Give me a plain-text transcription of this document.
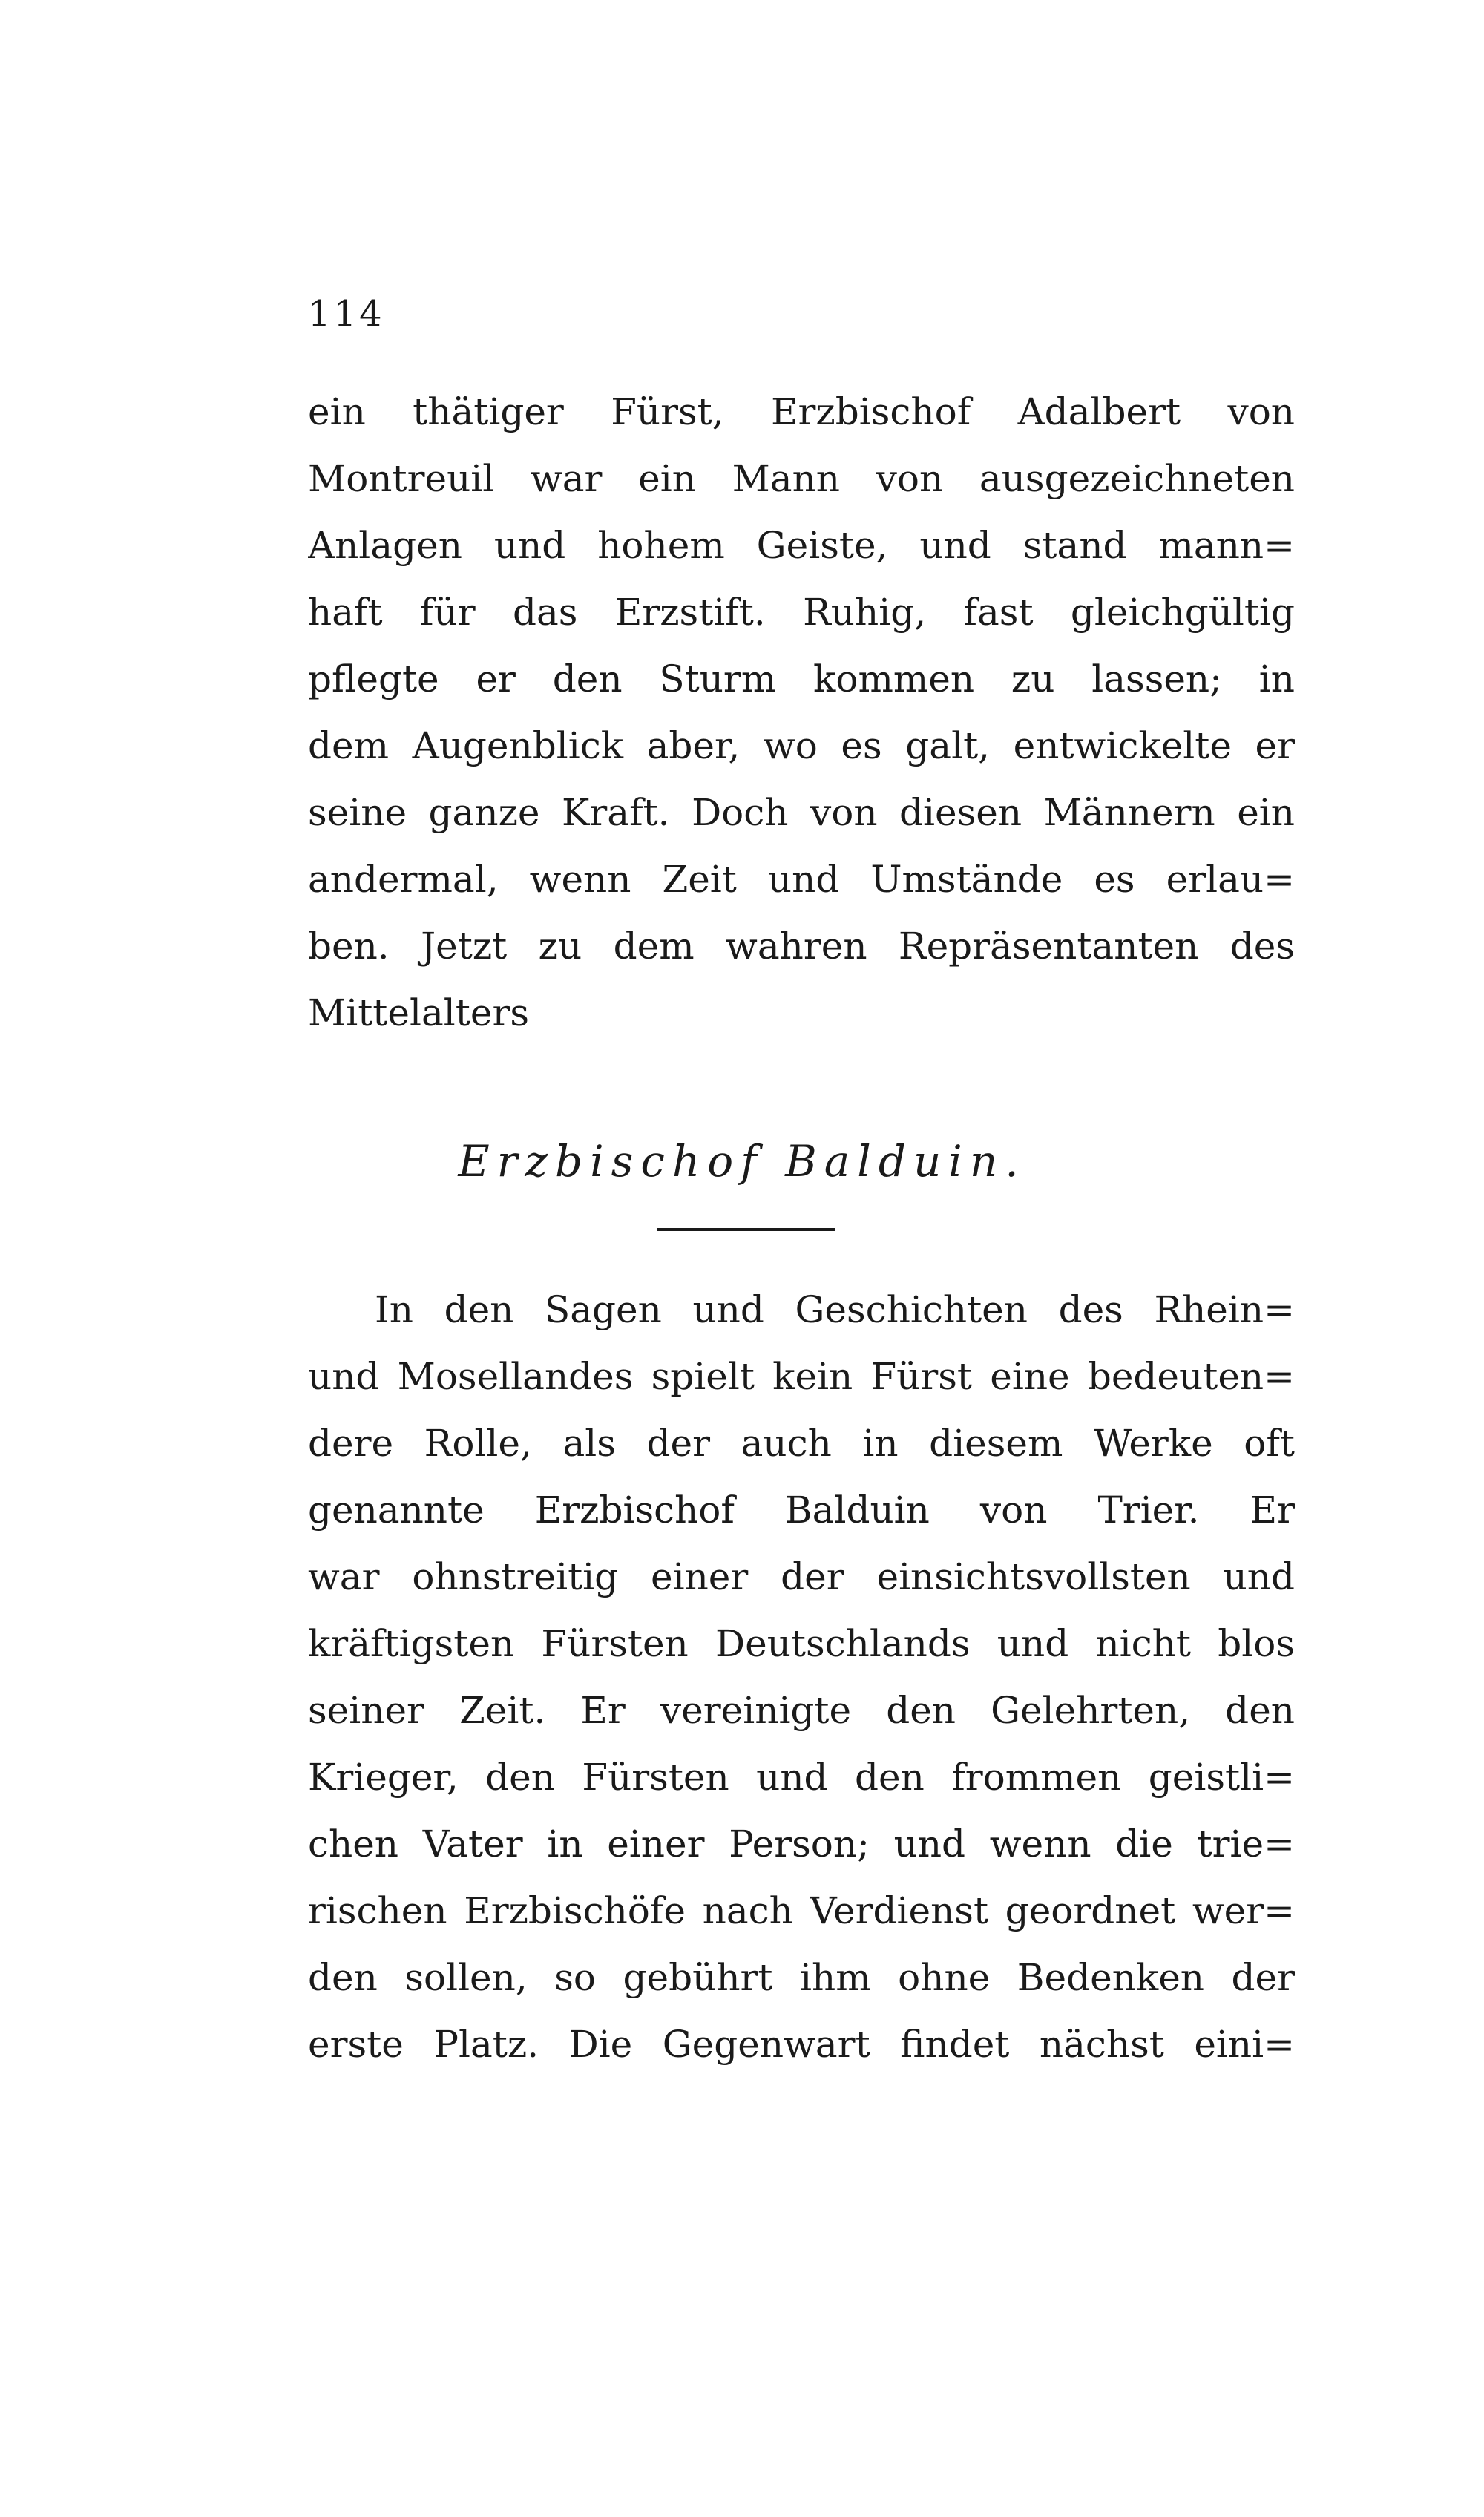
114
ein thätiger Fürst, Erzbischof Adalbert von
Montreuil war ein Mann von ausgezeichneten
Anlagen und hohem Geiste, und stand mann=
haft für das Erzstift. Ruhig, fast gleichgültig
pflegte er den Sturm kommen zu lassen; in
dem Augenblick aber, wo es galt, entwickelte er
seine ganze Kraft. Doch von diesen Männern ein
andermal, wenn Zeit und Umstände es erlau=
ben. Jetzt zu dem wahren Repräsentanten des
Mittelalters
Erzbischof Balduin.
In den Sagen und Geschichten des Rhein=
und Mosellandes spielt kein Fürst eine bedeuten=
dere Rolle, als der auch in diesem Werke oft
genannte Erzbischof Balduin von Trier. Er
war ohnstreitig einer der einsichtsvollsten und
kräftigsten Fürsten Deutschlands und nicht blos
seiner Zeit. Er vereinigte den Gelehrten, den
Krieger, den Fürsten und den frommen geistli=
chen Vater in einer Person; und wenn die trie=
rischen Erzbischöfe nach Verdienst geordnet wer=
den sollen, so gebührt ihm ohne Bedenken der
erste Platz. Die Gegenwart findet nächst eini=
